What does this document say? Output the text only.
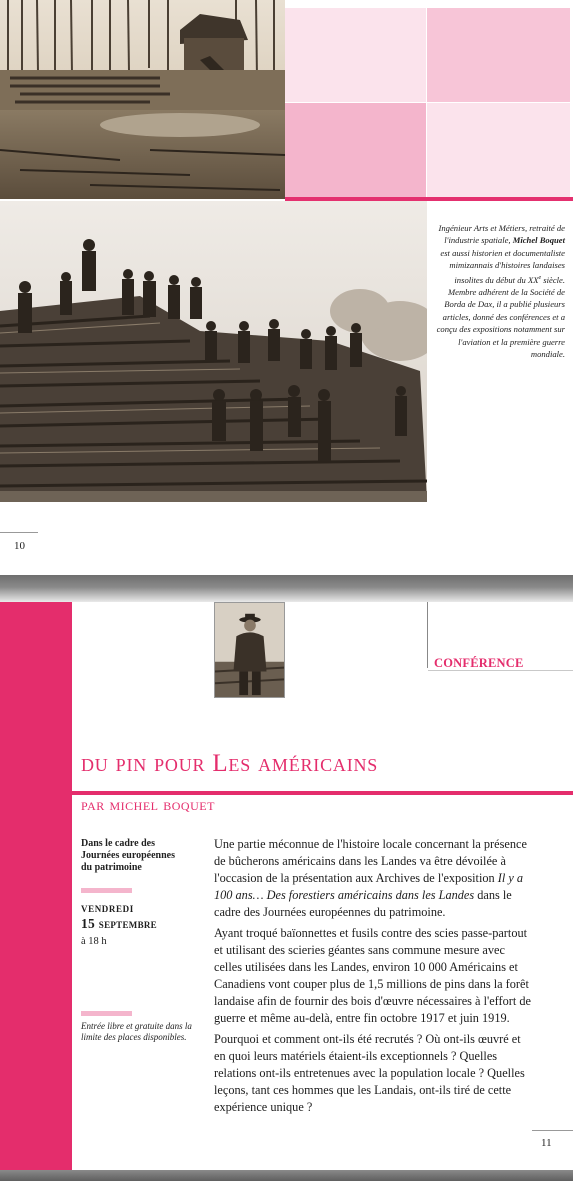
Ingénieur Arts et Métiers, retraité de l'industrie spatiale, Michel Boquet est aussi historien et documentaliste mimizannais d'histoires landaises insolites du début du XXe siècle. Membre adhérent de la Société de Borda de Dax, il a publié plusieurs articles, donné des conférences et a conçu des expositions notamment sur l'aviation et la première guerre mondiale.
10
CONFÉRENCE
du pin pour Les américains
par michel boquet
Dans le cadre des Journées européennes du patrimoine
vendredi
15 septembre
à 18 h
Entrée libre et gratuite dans la limite des places disponibles.

Une partie méconnue de l'histoire locale concernant la présence de bûcherons américains dans les Landes va être dévoilée à l'occasion de la présentation aux Archives de l'exposition Il y a 100 ans… Des forestiers américains dans les Landes dans le cadre des Journées européennes du patrimoine.

Ayant troqué baïonnettes et fusils contre des scies passe-partout et utilisant des scieries géantes sans commune mesure avec celles utilisées dans les Landes, environ 10 000 Américains et Canadiens vont couper plus de 1,5 millions de pins dans la forêt landaise afin de fournir des bois d'œuvre nécessaires à l'effort de guerre et même au-delà, entre fin octobre 1917 et juin 1919.

Pourquoi et comment ont-ils été recrutés ? Où ont-ils œuvré et en quoi leurs matériels étaient-ils exceptionnels ? Quelles relations ont-ils entretenues avec la population locale ? Quelles leçons, tant ces hommes que les Landais, ont-ils tiré de cette expérience unique ?

11
